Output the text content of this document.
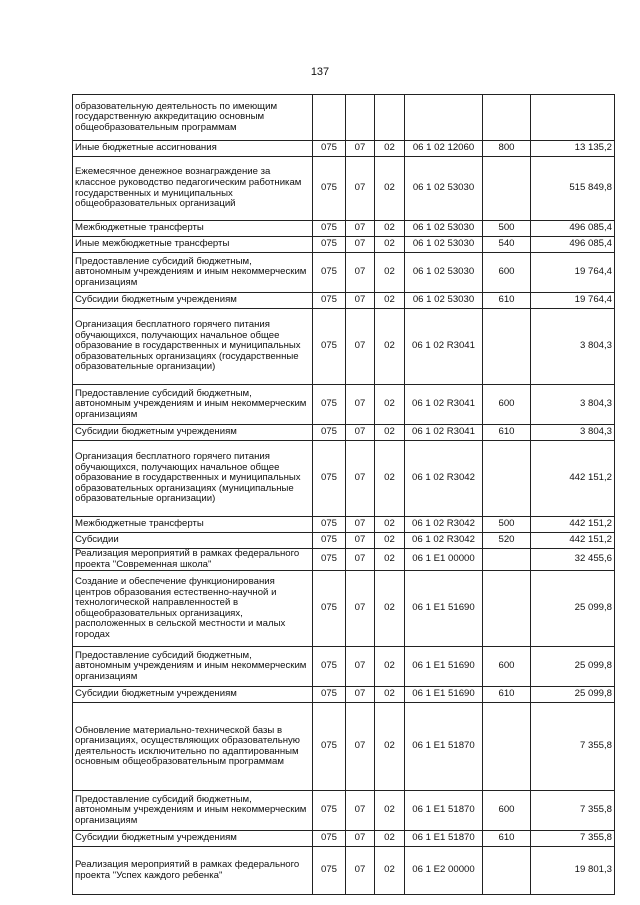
137
образовательную деятельность по имеющим государственную аккредитацию основным общеобразовательным программам						
Иные бюджетные ассигнования	075	07	02	06 1 02 12060	800	13 135,2
Ежемесячное денежное вознаграждение за классное руководство педагогическим работникам государственных и муниципальных общеобразовательных организаций	075	07	02	06 1 02 53030		515 849,8
Межбюджетные трансферты	075	07	02	06 1 02 53030	500	496 085,4
Иные межбюджетные трансферты	075	07	02	06 1 02 53030	540	496 085,4
Предоставление субсидий бюджетным, автономным учреждениям и иным некоммерческим организациям	075	07	02	06 1 02 53030	600	19 764,4
Субсидии бюджетным учреждениям	075	07	02	06 1 02 53030	610	19 764,4
Организация бесплатного горячего питания обучающихся, получающих начальное общее образование в государственных и муниципальных образовательных организациях (государственные образовательные организации)	075	07	02	06 1 02 R3041		3 804,3
Предоставление субсидий бюджетным, автономным учреждениям и иным некоммерческим организациям	075	07	02	06 1 02 R3041	600	3 804,3
Субсидии бюджетным учреждениям	075	07	02	06 1 02 R3041	610	3 804,3
Организация бесплатного горячего питания обучающихся, получающих начальное общее образование в государственных и муниципальных образовательных организациях (муниципальные образовательные организации)	075	07	02	06 1 02 R3042		442 151,2
Межбюджетные трансферты	075	07	02	06 1 02 R3042	500	442 151,2
Субсидии	075	07	02	06 1 02 R3042	520	442 151,2
Реализация мероприятий в рамках федерального проекта "Современная школа"	075	07	02	06 1 E1 00000		32 455,6
Создание и обеспечение функционирования центров образования естественно-научной и технологической направленностей в общеобразовательных организациях, расположенных в сельской местности и малых городах	075	07	02	06 1 E1 51690		25 099,8
Предоставление субсидий бюджетным, автономным учреждениям и иным некоммерческим организациям	075	07	02	06 1 E1 51690	600	25 099,8
Субсидии бюджетным учреждениям	075	07	02	06 1 E1 51690	610	25 099,8
Обновление материально-технической базы в организациях, осуществляющих образовательную деятельность исключительно по адаптированным основным общеобразовательным программам	075	07	02	06 1 E1 51870		7 355,8
Предоставление субсидий бюджетным, автономным учреждениям и иным некоммерческим организациям	075	07	02	06 1 E1 51870	600	7 355,8
Субсидии бюджетным учреждениям	075	07	02	06 1 E1 51870	610	7 355,8
Реализация мероприятий в рамках федерального проекта "Успех каждого ребенка"	075	07	02	06 1 E2 00000		19 801,3
